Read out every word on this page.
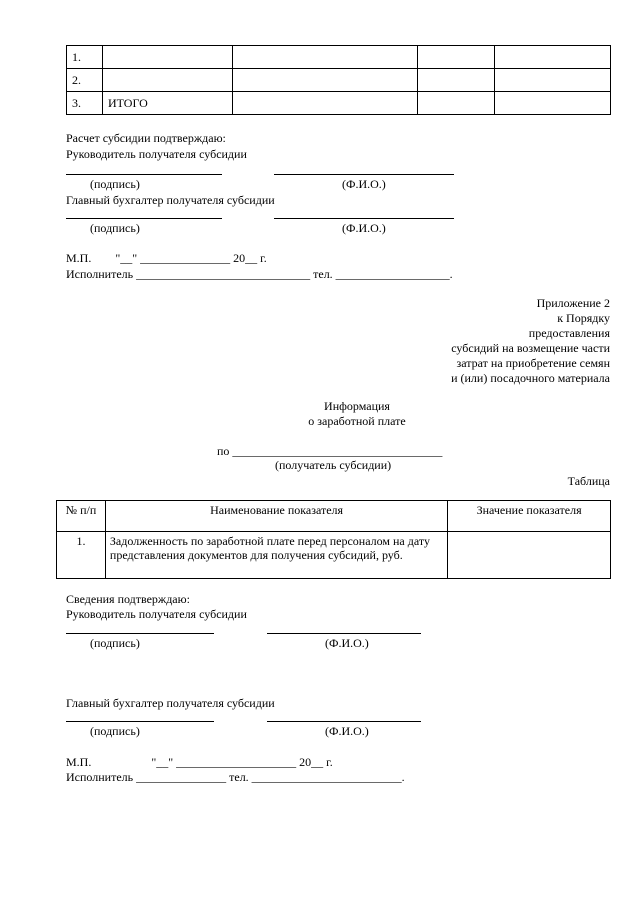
1.				
2.				
3.	ИТОГО			
Расчет субсидии подтверждаю:
Руководитель получателя субсидии
(подпись)	(Ф.И.О.)
Главный бухгалтер получателя субсидии
(подпись)	(Ф.И.О.)
М.П.        "__" _______________ 20__ г.
Исполнитель _____________________________ тел. ___________________.
Приложение 2
к Порядку
предоставления
субсидий на возмещение части
затрат на приобретение семян
и (или) посадочного материала
Информация
о заработной плате
по ___________________________________
(получатель субсидии)
Таблица
№ п/п	Наименование показателя	Значение показателя
1.	Задолженность по заработной плате перед персоналом на дату представления документов для получения субсидий, руб.	
Сведения подтверждаю:
Руководитель получателя субсидии
(подпись)	(Ф.И.О.)
Главный бухгалтер получателя субсидии
(подпись)	(Ф.И.О.)
М.П.                    "__" ____________________ 20__ г.
Исполнитель _______________ тел. _________________________.
